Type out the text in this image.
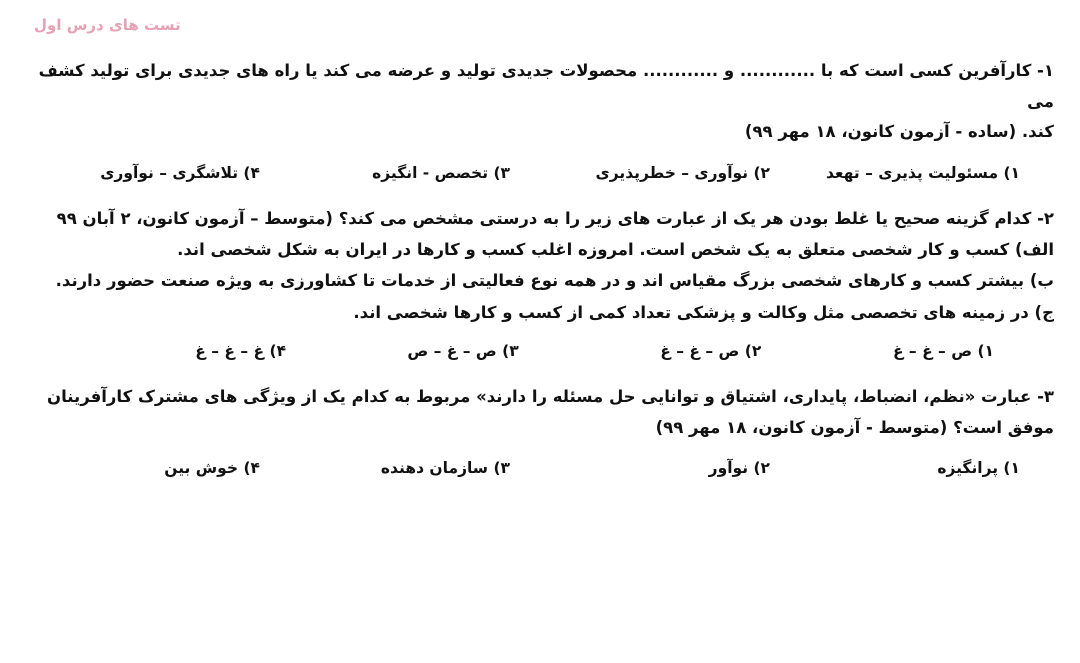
تست های درس اول
۱- کارآفرین کسی است که با ............ و ............ محصولات جدیدی تولید و عرضه می کند یا راه های جدیدی برای تولید کشف می
کند. (ساده - آزمون کانون، ۱۸ مهر ۹۹)
۱) مسئولیت پذیری – تهعد
۲) نوآوری – خطرپذیری
۳) تخصص - انگیزه
۴) تلاشگری – نوآوری
۲- کدام گزینه صحیح یا غلط بودن هر یک از عبارت های زیر را به درستی مشخص می کند؟ (متوسط – آزمون کانون، ۲ آبان ۹۹
الف) کسب و کار شخصی متعلق به یک شخص است. امروزه اغلب کسب و کارها در ایران به شکل شخصی اند.
ب) بیشتر کسب و کارهای شخصی بزرگ مقیاس اند و در همه نوع فعالیتی از خدمات تا کشاورزی به ویژه صنعت حضور دارند.
ج) در زمینه های تخصصی مثل وکالت و پزشکی تعداد کمی از کسب و کارها شخصی اند.
۱) ص – غ – غ
۲) ص – غ – غ
۳) ص – غ – ص
۴) غ – غ – غ
۳- عبارت «نظم، انضباط، پایداری، اشتیاق و توانایی حل مسئله را دارند» مربوط به کدام یک از ویژگی های مشترک کارآفرینان
موفق است؟ (متوسط - آزمون کانون، ۱۸ مهر ۹۹)
۱) پرانگیزه
۲) نوآور
۳) سازمان دهنده
۴) خوش بین
